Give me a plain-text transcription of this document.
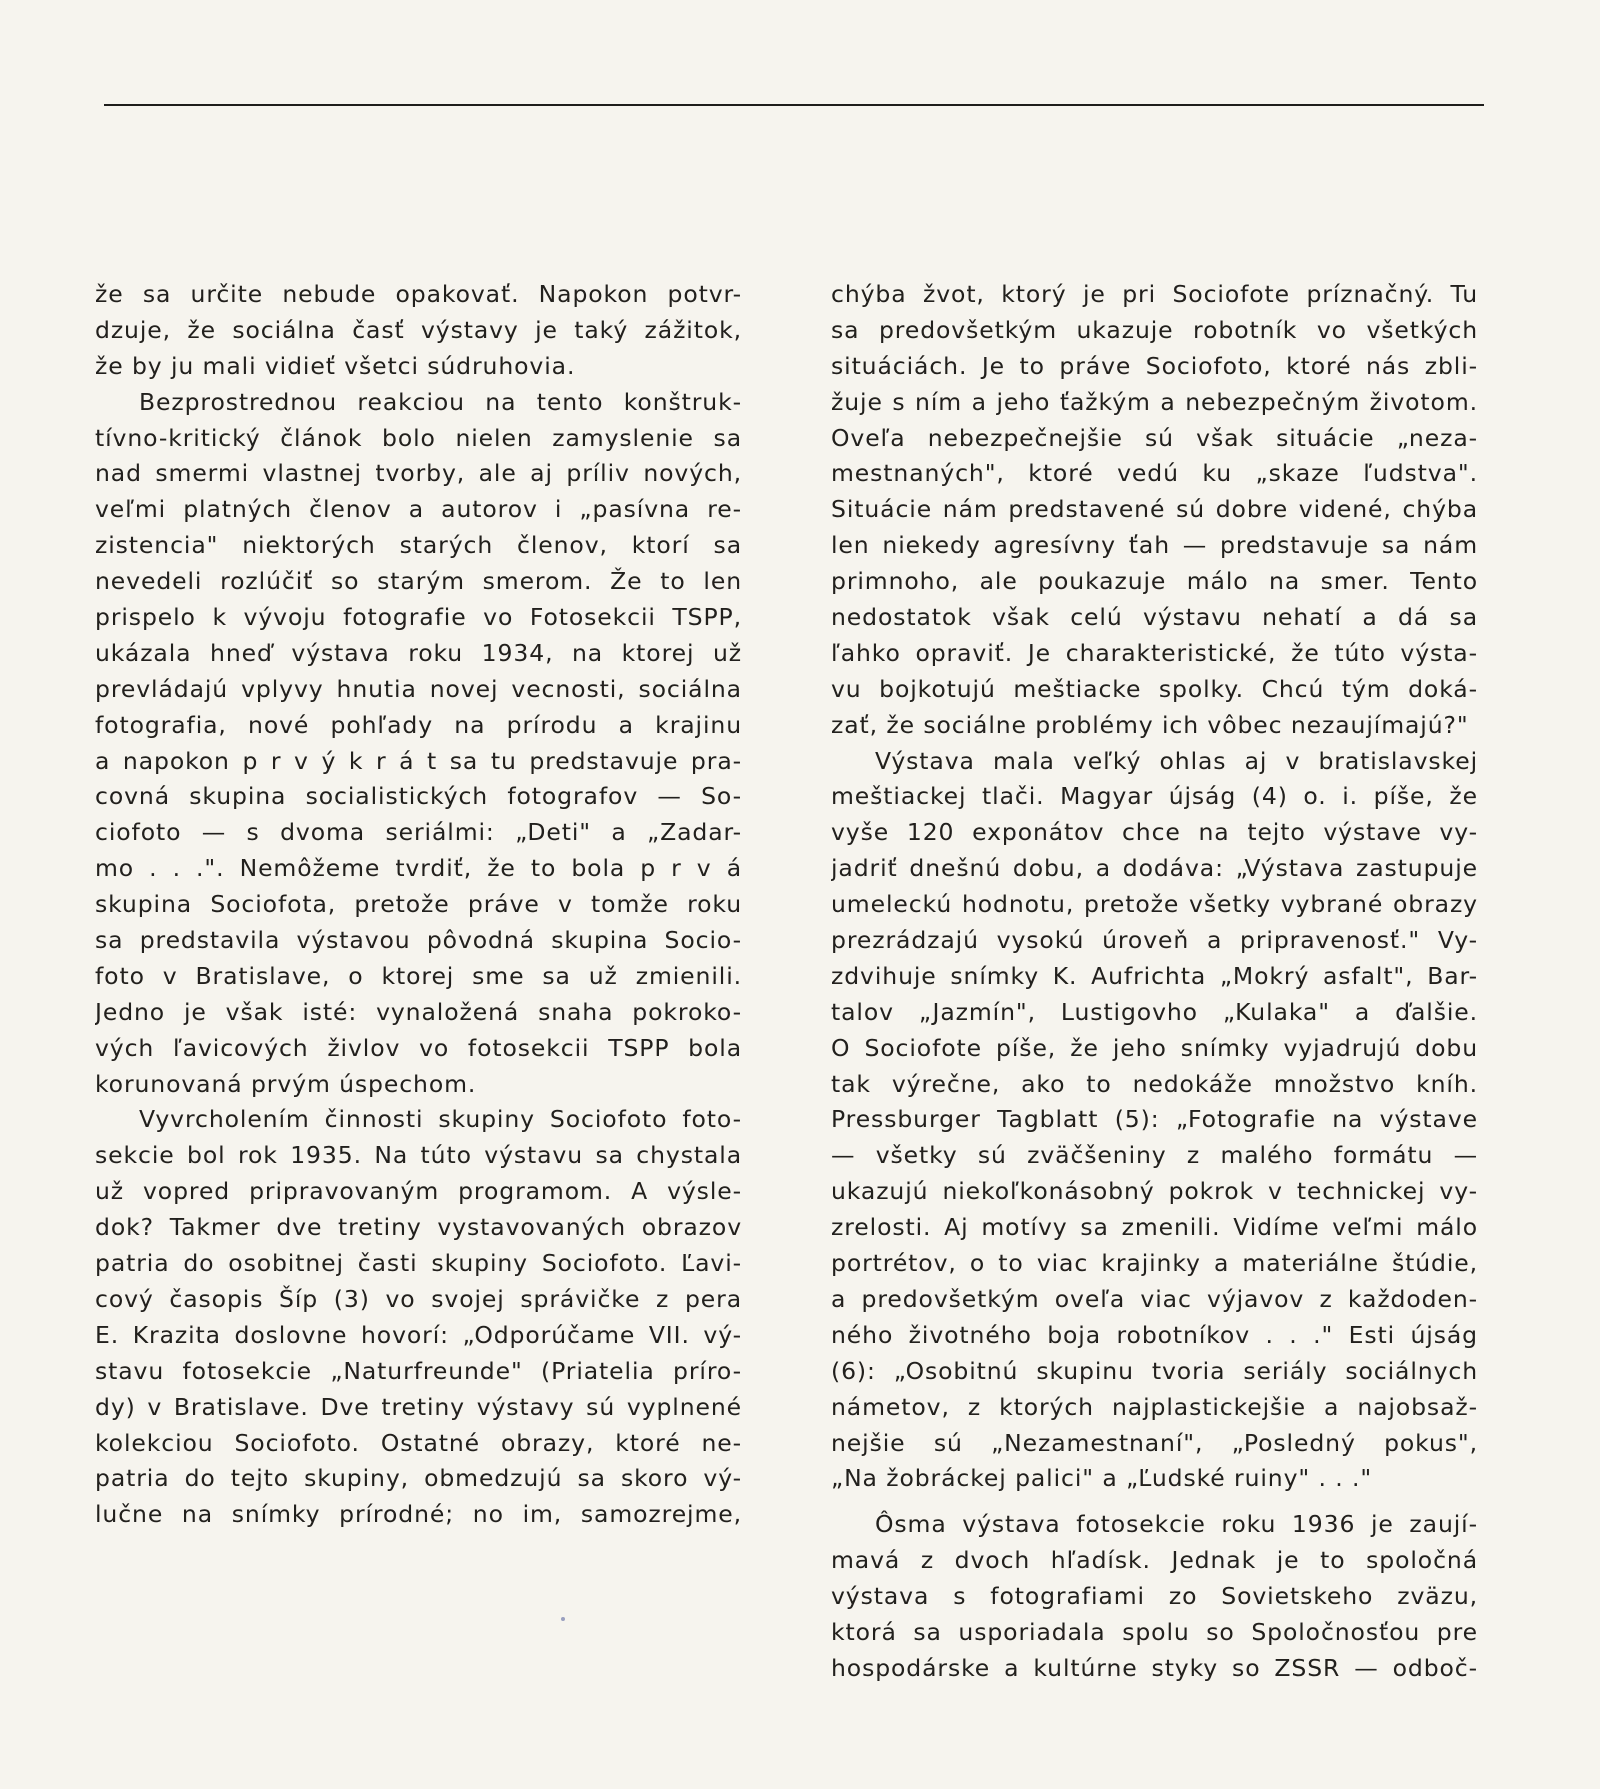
že sa určite nebude opakovať. Napokon potvr-
dzuje, že sociálna časť výstavy je taký zážitok,
že by ju mali vidieť všetci súdruhovia.
Bezprostrednou reakciou na tento konštruk-
tívno-kritický článok bolo nielen zamyslenie sa
nad smermi vlastnej tvorby, ale aj príliv nových,
veľmi platných členov a autorov i „pasívna re-
zistencia" niektorých starých členov, ktorí sa
nevedeli rozlúčiť so starým smerom. Že to len
prispelo k vývoju fotografie vo Fotosekcii TSPP,
ukázala hneď výstava roku 1934, na ktorej už
prevládajú vplyvy hnutia novej vecnosti, sociálna
fotografia, nové pohľady na prírodu a krajinu
a napokon p r v ý k r á t sa tu predstavuje pra-
covná skupina socialistických fotografov — So-
ciofoto — s dvoma seriálmi: „Deti" a „Zadar-
mo . . .". Nemôžeme tvrdiť, že to bola p r v á
skupina Sociofota, pretože práve v tomže roku
sa predstavila výstavou pôvodná skupina Socio-
foto v Bratislave, o ktorej sme sa už zmienili.
Jedno je však isté: vynaložená snaha pokroko-
vých ľavicových živlov vo fotosekcii TSPP bola
korunovaná prvým úspechom.
Vyvrcholením činnosti skupiny Sociofoto foto-
sekcie bol rok 1935. Na túto výstavu sa chystala
už vopred pripravovaným programom. A výsle-
dok? Takmer dve tretiny vystavovaných obrazov
patria do osobitnej časti skupiny Sociofoto. Ľavi-
cový časopis Šíp (3) vo svojej správičke z pera
E. Krazita doslovne hovorí: „Odporúčame VII. vý-
stavu fotosekcie „Naturfreunde" (Priatelia príro-
dy) v Bratislave. Dve tretiny výstavy sú vyplnené
kolekciou Sociofoto. Ostatné obrazy, ktoré ne-
patria do tejto skupiny, obmedzujú sa skoro vý-
lučne na snímky prírodné; no im, samozrejme,
chýba žvot, ktorý je pri Sociofote príznačný. Tu
sa predovšetkým ukazuje robotník vo všetkých
situáciách. Je to práve Sociofoto, ktoré nás zbli-
žuje s ním a jeho ťažkým a nebezpečným životom.
Oveľa nebezpečnejšie sú však situácie „neza-
mestnaných", ktoré vedú ku „skaze ľudstva".
Situácie nám predstavené sú dobre videné, chýba
len niekedy agresívny ťah — predstavuje sa nám
primnoho, ale poukazuje málo na smer. Tento
nedostatok však celú výstavu nehatí a dá sa
ľahko opraviť. Je charakteristické, že túto výsta-
vu bojkotujú meštiacke spolky. Chcú tým doká-
zať, že sociálne problémy ich vôbec nezaujímajú?"
Výstava mala veľký ohlas aj v bratislavskej
meštiackej tlači. Magyar újság (4) o. i. píše, že
vyše 120 exponátov chce na tejto výstave vy-
jadriť dnešnú dobu, a dodáva: „Výstava zastupuje
umeleckú hodnotu, pretože všetky vybrané obrazy
prezrádzajú vysokú úroveň a pripravenosť." Vy-
zdvihuje snímky K. Aufrichta „Mokrý asfalt", Bar-
talov „Jazmín", Lustigovho „Kulaka" a ďalšie.
O Sociofote píše, že jeho snímky vyjadrujú dobu
tak výrečne, ako to nedokáže množstvo kníh.
Pressburger Tagblatt (5): „Fotografie na výstave
— všetky sú zväčšeniny z malého formátu —
ukazujú niekoľkonásobný pokrok v technickej vy-
zrelosti. Aj motívy sa zmenili. Vidíme veľmi málo
portrétov, o to viac krajinky a materiálne štúdie,
a predovšetkým oveľa viac výjavov z každoden-
ného životného boja robotníkov . . ." Esti újság
(6): „Osobitnú skupinu tvoria seriály sociálnych
námetov, z ktorých najplastickejšie a najobsaž-
nejšie sú „Nezamestnaní", „Posledný pokus",
„Na žobráckej palici" a „Ľudské ruiny" . . ."
Ôsma výstava fotosekcie roku 1936 je zaují-
mavá z dvoch hľadísk. Jednak je to spoločná
výstava s fotografiami zo Sovietskeho zväzu,
ktorá sa usporiadala spolu so Spoločnosťou pre
hospodárske a kultúrne styky so ZSSR — odboč-
